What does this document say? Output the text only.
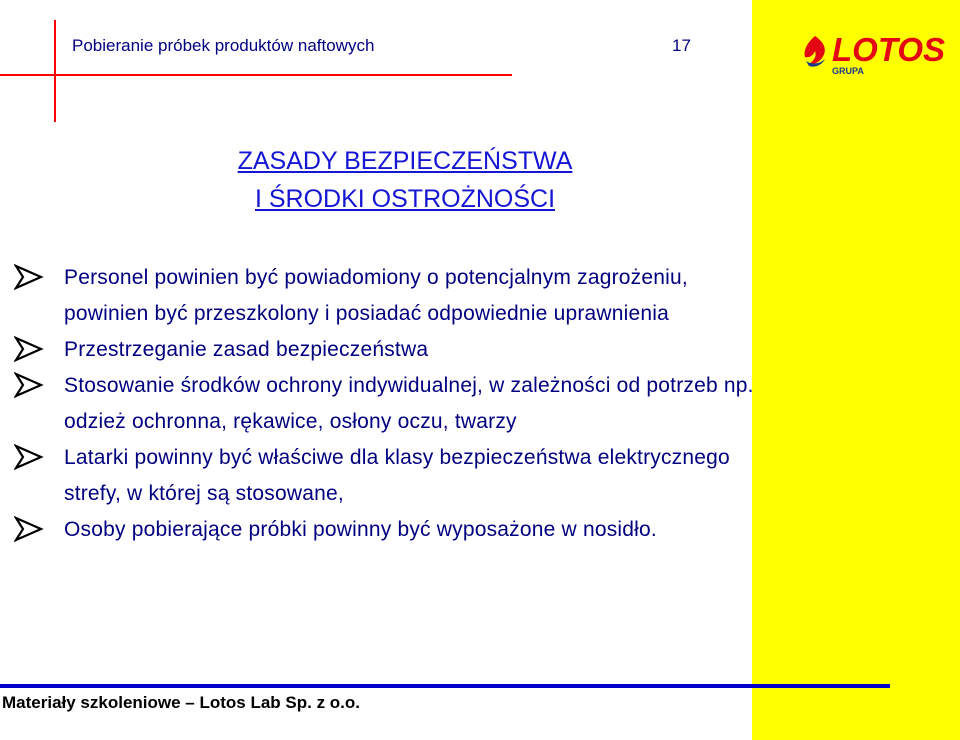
LOTOS
GRUPA
Pobieranie próbek produktów naftowych	17
ZASADY BEZPIECZEŃSTWA
I ŚRODKI OSTROŻNOŚCI
Personel powinien być powiadomiony o potencjalnym zagrożeniu, powinien być przeszkolony i posiadać odpowiednie uprawnienia
Przestrzeganie zasad bezpieczeństwa
Stosowanie środków ochrony indywidualnej, w zależności od potrzeb np. odzież ochronna, rękawice, osłony oczu, twarzy
Latarki powinny być właściwe dla klasy bezpieczeństwa elektrycznego strefy, w której są stosowane,
Osoby pobierające próbki powinny być wyposażone w nosidło.
Materiały szkoleniowe – Lotos Lab Sp. z o.o.
